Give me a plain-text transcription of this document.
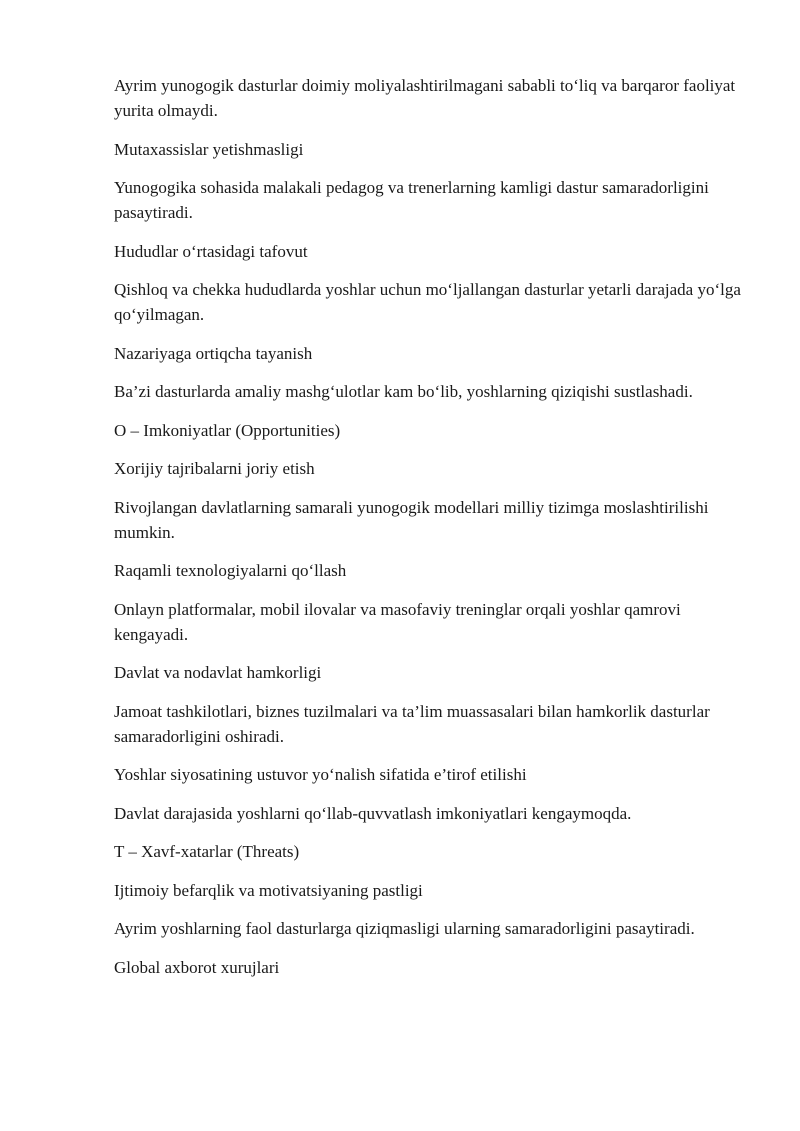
Ayrim yunogogik dasturlar doimiy moliyalashtirilmagani sababli to‘liq va barqaror faoliyat yurita olmaydi.

Mutaxassislar yetishmasligi

Yunogogika sohasida malakali pedagog va trenerlarning kamligi dastur samaradorligini pasaytiradi.

Hududlar o‘rtasidagi tafovut

Qishloq va chekka hududlarda yoshlar uchun mo‘ljallangan dasturlar yetarli darajada yo‘lga qo‘yilmagan.

Nazariyaga ortiqcha tayanish

Ba’zi dasturlarda amaliy mashg‘ulotlar kam bo‘lib, yoshlarning qiziqishi sustlashadi.

O – Imkoniyatlar (Opportunities)

Xorijiy tajribalarni joriy etish

Rivojlangan davlatlarning samarali yunogogik modellari milliy tizimga moslashtirilishi mumkin.

Raqamli texnologiyalarni qo‘llash

Onlayn platformalar, mobil ilovalar va masofaviy treninglar orqali yoshlar qamrovi kengayadi.

Davlat va nodavlat hamkorligi

Jamoat tashkilotlari, biznes tuzilmalari va ta’lim muassasalari bilan hamkorlik dasturlar samaradorligini oshiradi.

Yoshlar siyosatining ustuvor yo‘nalish sifatida e’tirof etilishi

Davlat darajasida yoshlarni qo‘llab-quvvatlash imkoniyatlari kengaymoqda.

T – Xavf-xatarlar (Threats)

Ijtimoiy befarqlik va motivatsiyaning pastligi

Ayrim yoshlarning faol dasturlarga qiziqmasligi ularning samaradorligini pasaytiradi.

Global axborot xurujlari
